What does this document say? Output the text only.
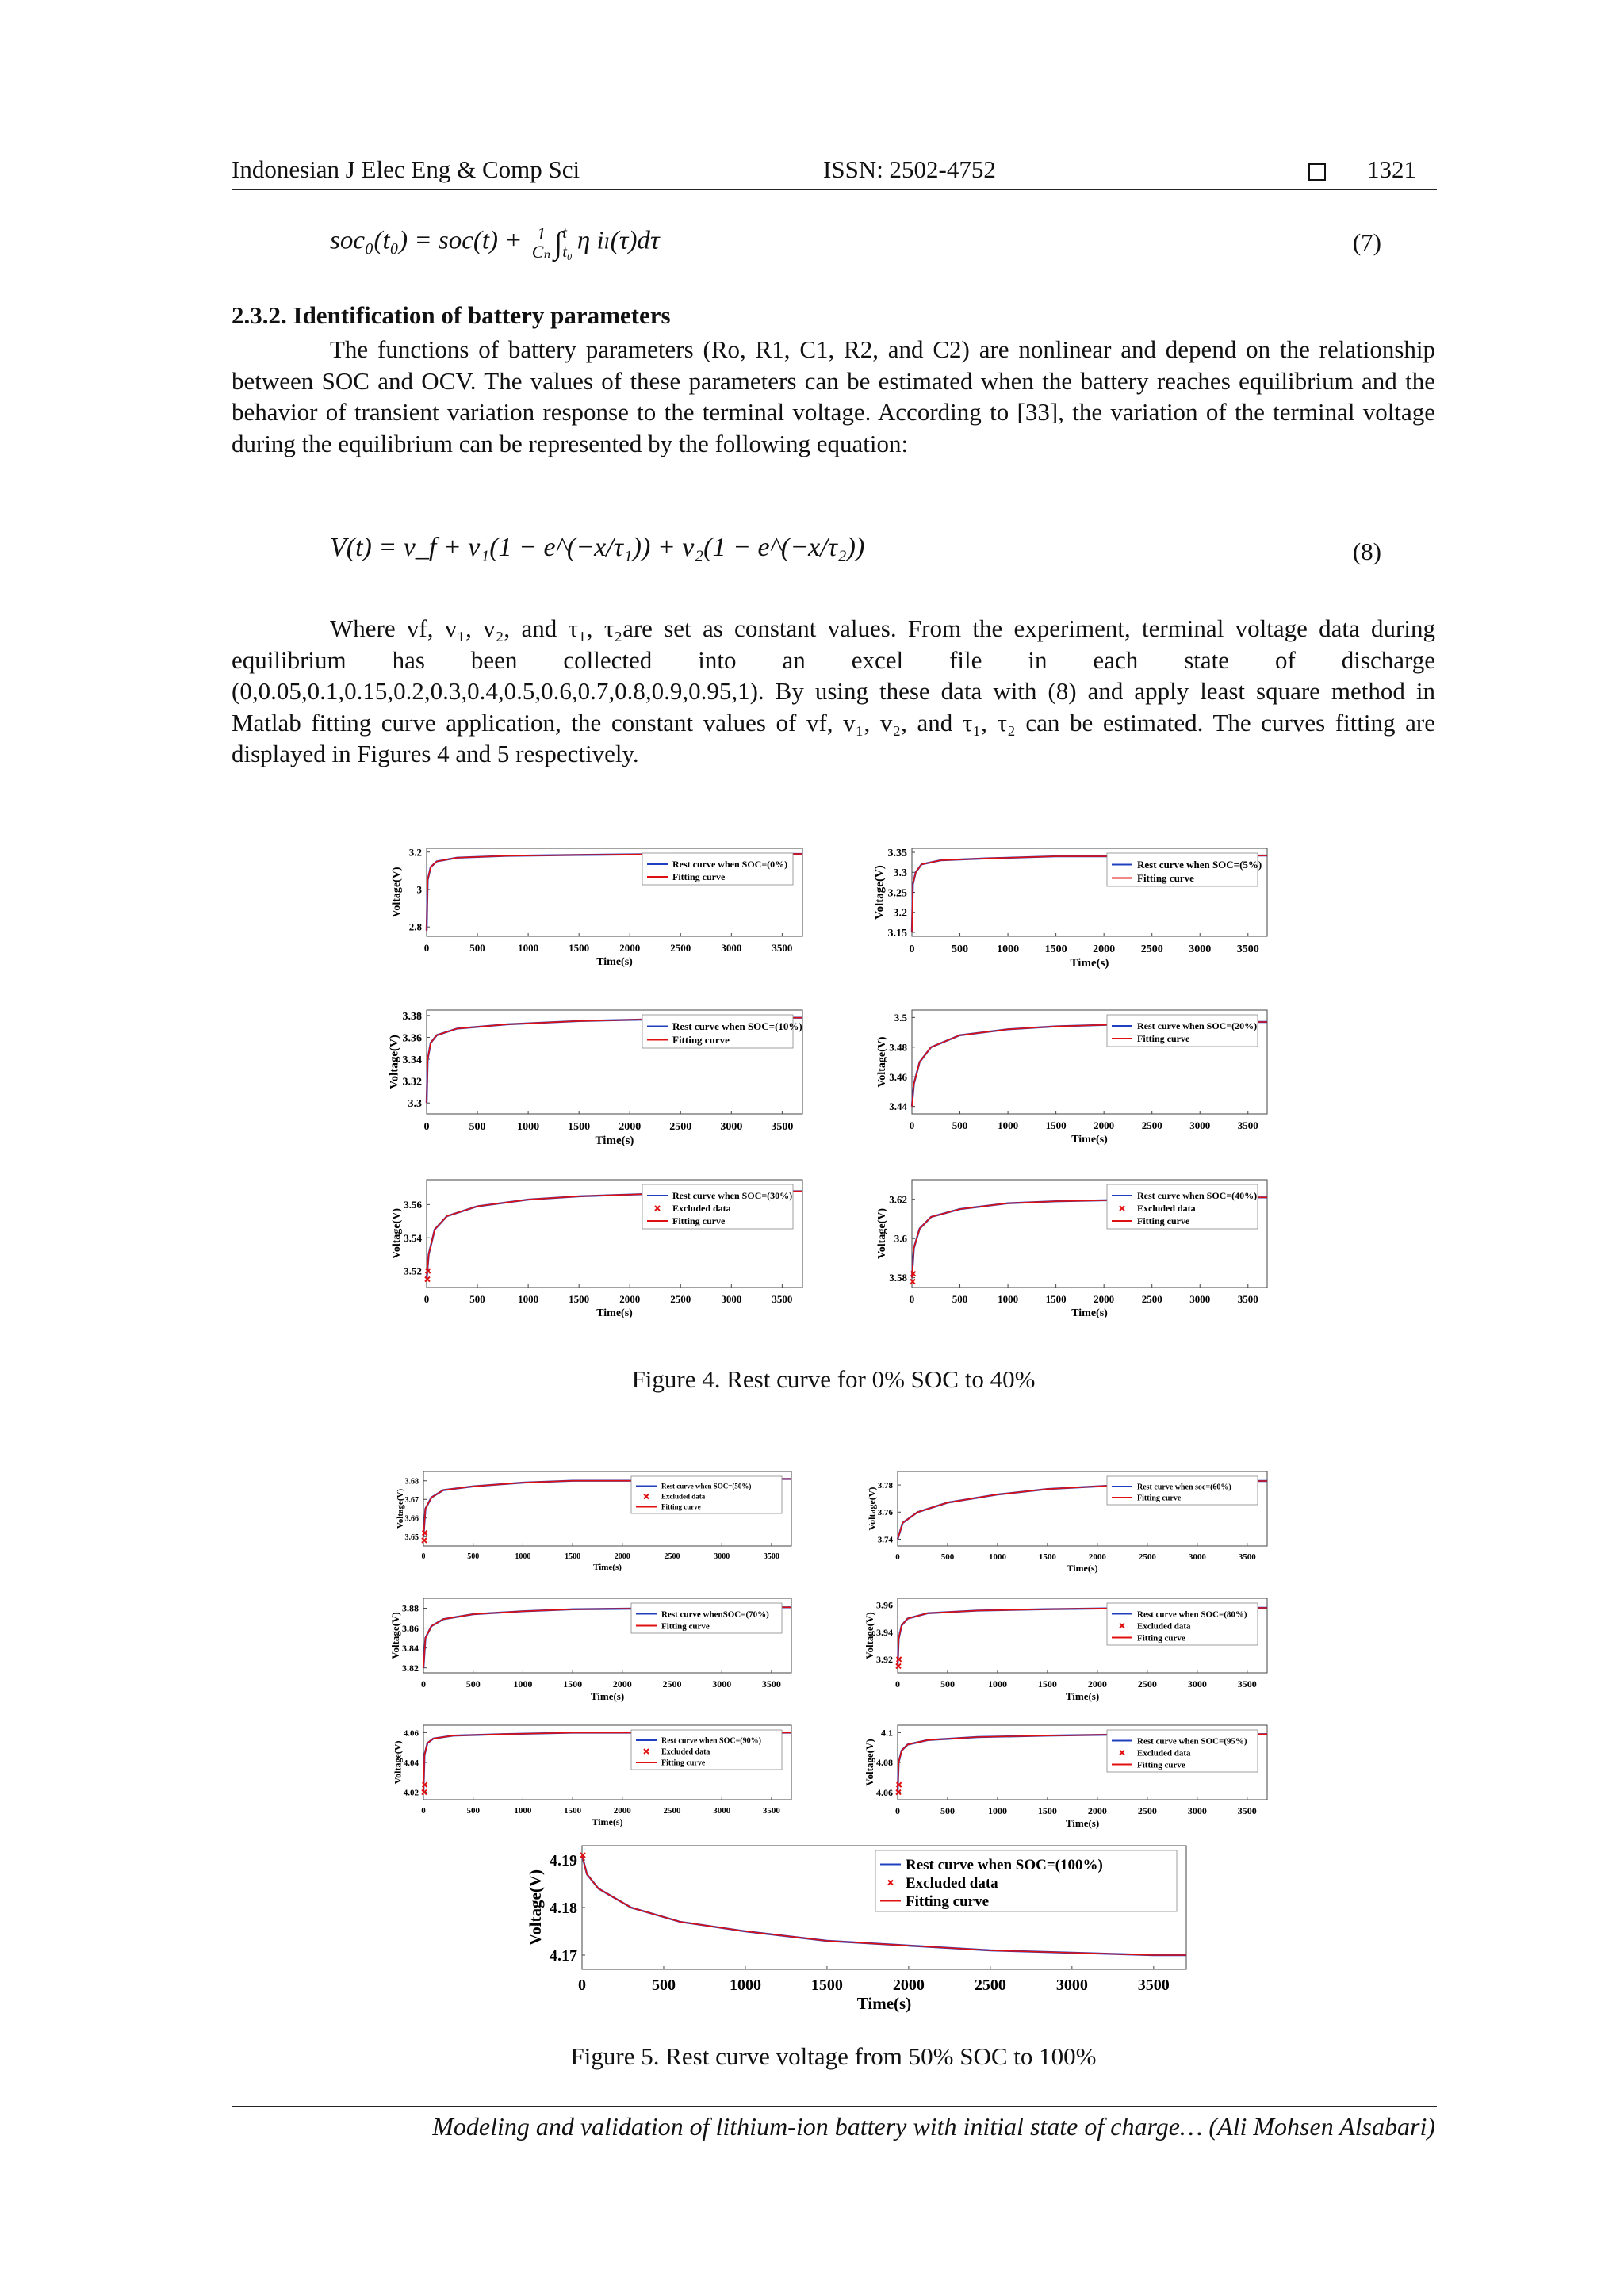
Indonesian J Elec Eng & Comp Sci	ISSN: 2502-4752	1321
$soc_0(t_0) = soc(t) + \frac{1}{\text{Cₙ}}$ ∫ t
t₀ η iₗ(τ)dτ	(7)
2.3.2. Identification of battery parameters
The functions of battery parameters (Ro, R1, C1, R2, and C2) are nonlinear and depend on the relationship between SOC and OCV. The values of these parameters can be estimated when the battery reaches equilibrium and the behavior of transient variation response to the terminal voltage. According to [33], the variation of the terminal voltage during the equilibrium can be represented by the following equation:
V(t) = v_f + v₁(1 − e^(−x/τ₁)) + v₂(1 − e^(−x/τ₂))	(8)
Where vf, v₁, v₂, and τ₁, τ₂are set as constant values. From the experiment, terminal voltage data during equilibrium has been collected into an excel file in each state of discharge (0,0.05,0.1,0.15,0.2,0.3,0.4,0.5,0.6,0.7,0.8,0.9,0.95,1). By using these data with (8) and apply least square method in Matlab fitting curve application, the constant values of vf, v₁, v₂, and τ₁, τ₂ can be estimated. The curves fitting are displayed in Figures 4 and 5 respectively.
0	500	1000	1500	2000	2500	3000	3500
2.8
3
3.2
Time(s)
Voltage(V)
Rest curve when SOC=(0%)
Fitting curve
0	500	1000 1500 2000 2500 3000 3500
3.15
3.2
3.25
3.3
3.35
Time(s)
Voltage(V)
Rest curve when SOC=(5%)
Fitting curve
0	500	1000	1500	2000	2500	3000	3500
3.3
3.32
3.34
3.36
3.38
Time(s)
Voltage(V)
Rest curve when SOC=(10%)
Fitting curve
0	500	1000	1500	2000	2500	3000	3500
3.44
3.46
3.48
3.5
Time(s)
Voltage(V)
Rest curve when SOC=(20%)
Fitting curve
0	500	1000	1500	2000	2500	3000	3500
3.52
3.54
3.56
Time(s)
Voltage(V)
Rest curve when SOC=(30%)
Excluded data
Fitting curve
0	500	1000	1500	2000	2500	3000	3500
3.58
3.6
3.62
Time(s)
Voltage(V)
Rest curve when SOC=(40%)
Excluded data
Fitting curve
Figure 4. Rest curve for 0% SOC to 40%
0	500	1000	1500	2000	2500	3000	3500
3.65
3.66
3.67
3.68
Time(s)
Voltage(V)
Rest curve when SOC=(50%)
Excluded data
Fitting curve
0	500	1000	1500	2000	2500	3000	3500
3.74
3.76
3.78
Time(s)
Voltage(V)	Rest curve when soc=(60%)
Fitting curve
0	500	1000	1500	2000	2500	3000	3500
3.82
3.84
3.86
3.88
Time(s)
Voltage(V)	Rest curve whenSOC=(70%)
Fitting curve
0	500	1000	1500	2000	2500	3000	3500
3.92
3.94
3.96
Time(s)
Voltage(V)	Rest curve when SOC=(80%)
Excluded data
Fitting curve
0	500	1000	1500	2000	2500	3000	3500
4.02
4.04
4.06
Time(s)
Voltage(V)	Rest curve when SOC=(90%)
Excluded data
Fitting curve
0	500	1000	1500	2000	2500	3000	3500
4.06
4.08
4.1
Time(s)
Voltage(V)	Rest curve when SOC=(95%)
Excluded data
Fitting curve
0	500	1000	1500	2000	2500	3000	3500
4.17
4.18
4.19
Time(s)
Voltage(V)
Rest curve when SOC=(100%)
Excluded data
Fitting curve
Figure 5. Rest curve voltage from 50% SOC to 100%
Modeling and validation of lithium-ion battery with initial state of charge… (Ali Mohsen Alsabari)
